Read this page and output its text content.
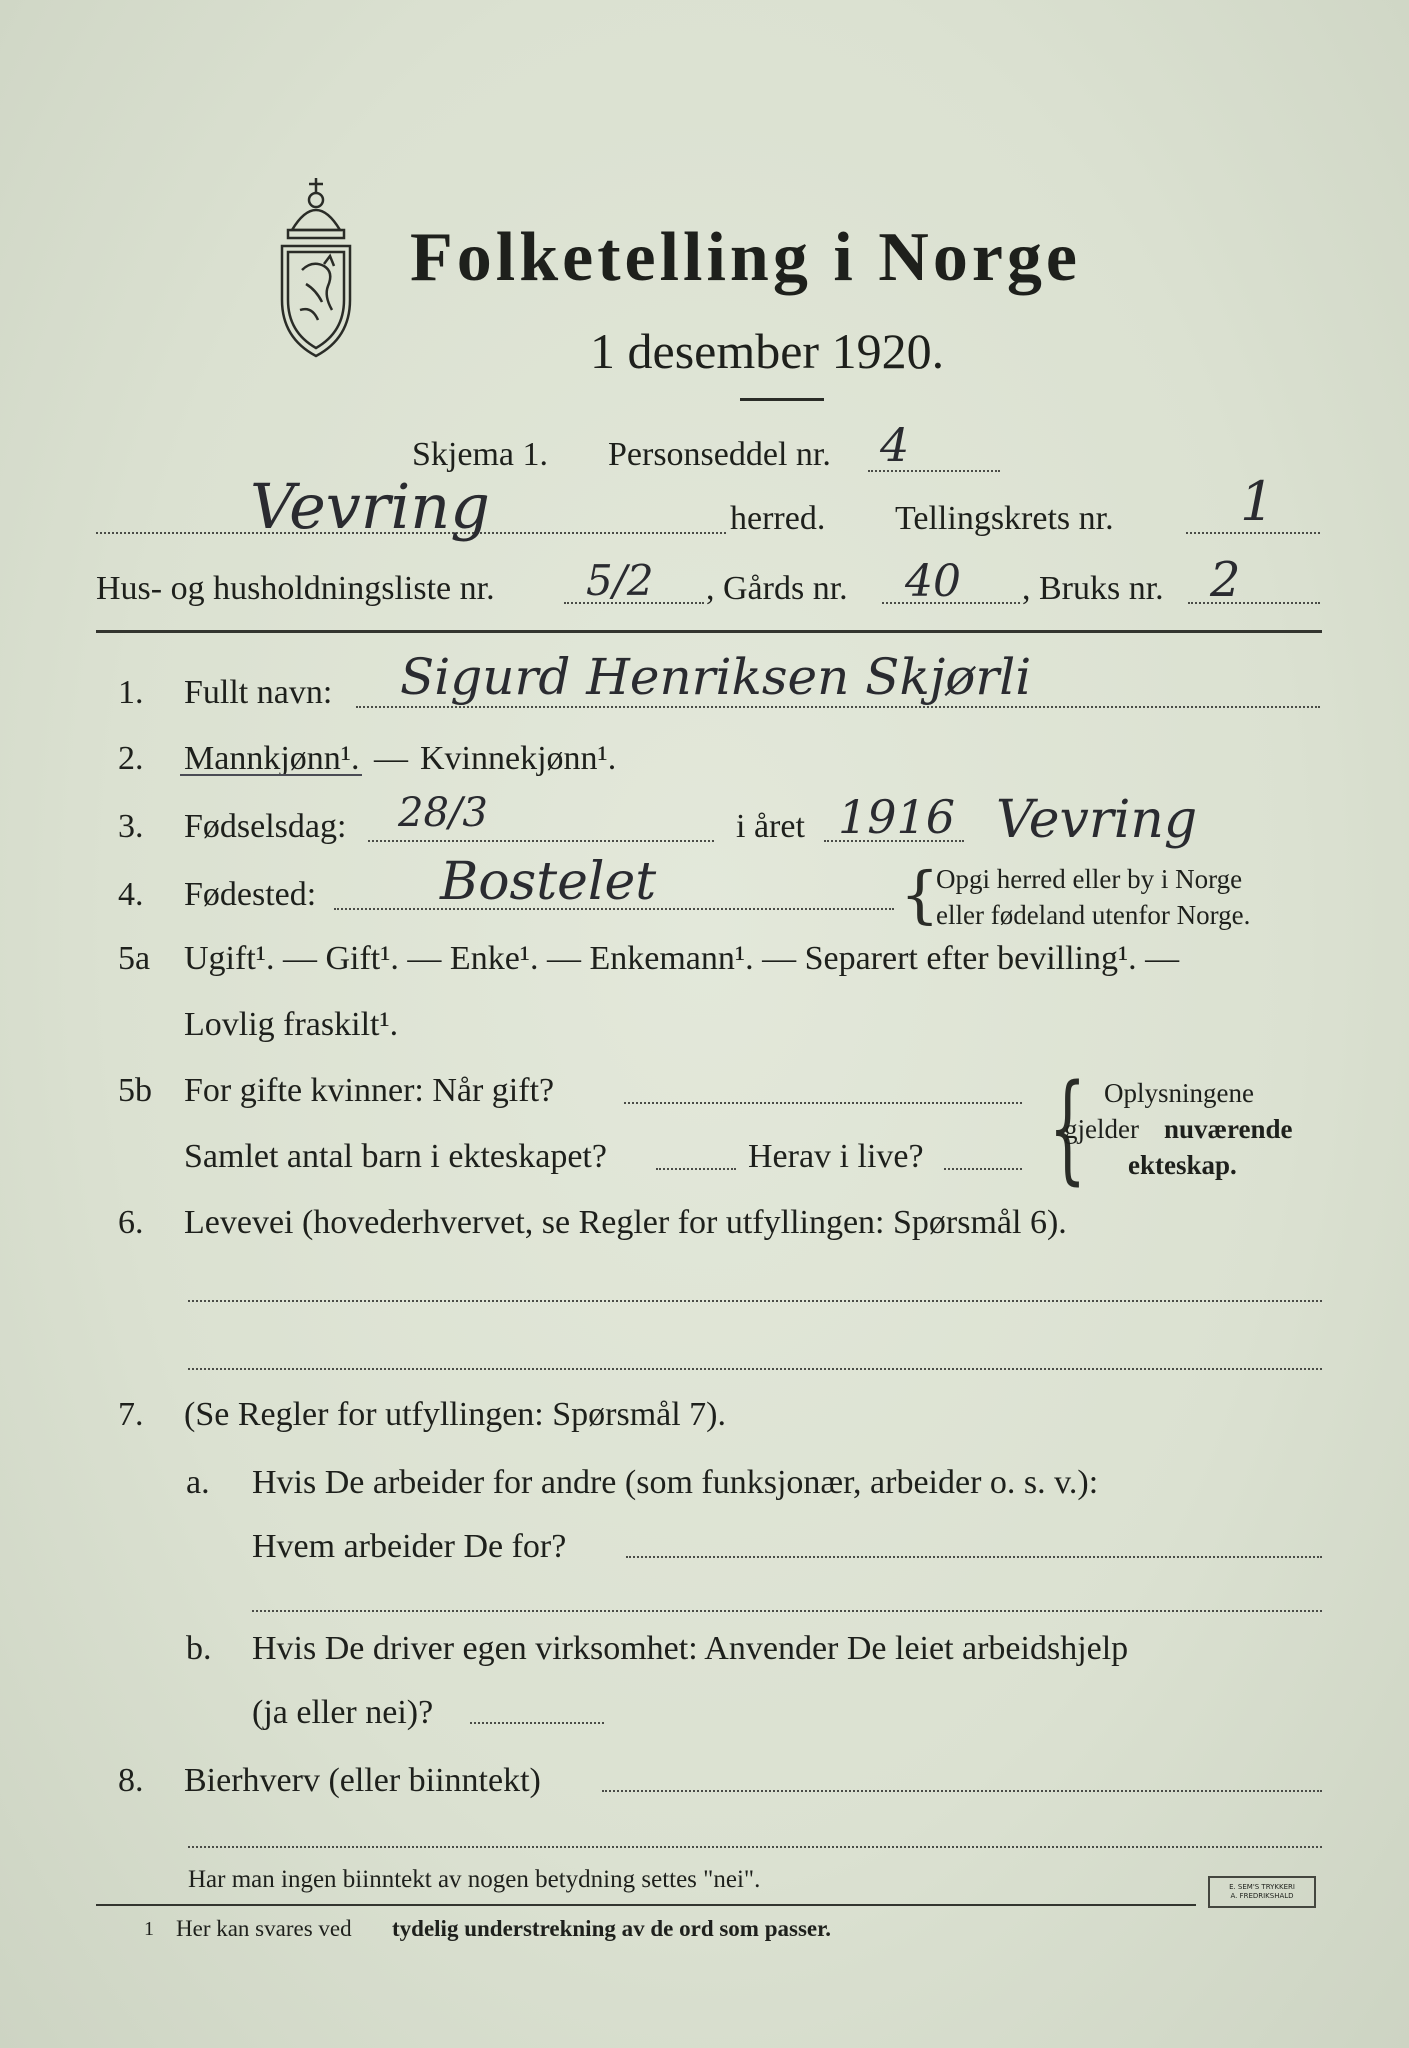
Folketelling i Norge
1 desember 1920.
Skjema 1. Personseddel nr. 4
Vevring	herred. Tellingskrets nr. 1
Hus- og husholdningsliste nr. 5/2 , Gårds nr. 40 , Bruks nr. 2
1. Fullt navn: Sigurd Henriksen Skjørli
2. Mannkjønn¹. — Kvinnekjønn¹.
3. Fødselsdag: 28/3	i året 1916 Vevring
4. Fødested: Bostelet	{
Opgi herred eller by i Norge
eller fødeland utenfor Norge.
5a Ugift¹. — Gift¹. — Enke¹. — Enkemann¹. — Separert efter bevilling¹. —
Lovlig fraskilt¹.
5b For gifte kvinner: Når gift?
Samlet antal barn i ekteskapet?	Herav i live? { Oplysningene
gjelder nuværende
ekteskap.
6. Levevei (hovederhvervet, se Regler for utfyllingen: Spørsmål 6).
7. (Se Regler for utfyllingen: Spørsmål 7).
a. Hvis De arbeider for andre (som funksjonær, arbeider o. s. v.):
Hvem arbeider De for?
b. Hvis De driver egen virksomhet: Anvender De leiet arbeidshjelp
(ja eller nei)?
8. Bierhverv (eller biinntekt)
Har man ingen biinntekt av nogen betydning settes "nei".
1 Her kan svares ved tydelig understrekning av de ord som passer.
E. SEM'S TRYKKERI
A. FREDRIKSHALD
